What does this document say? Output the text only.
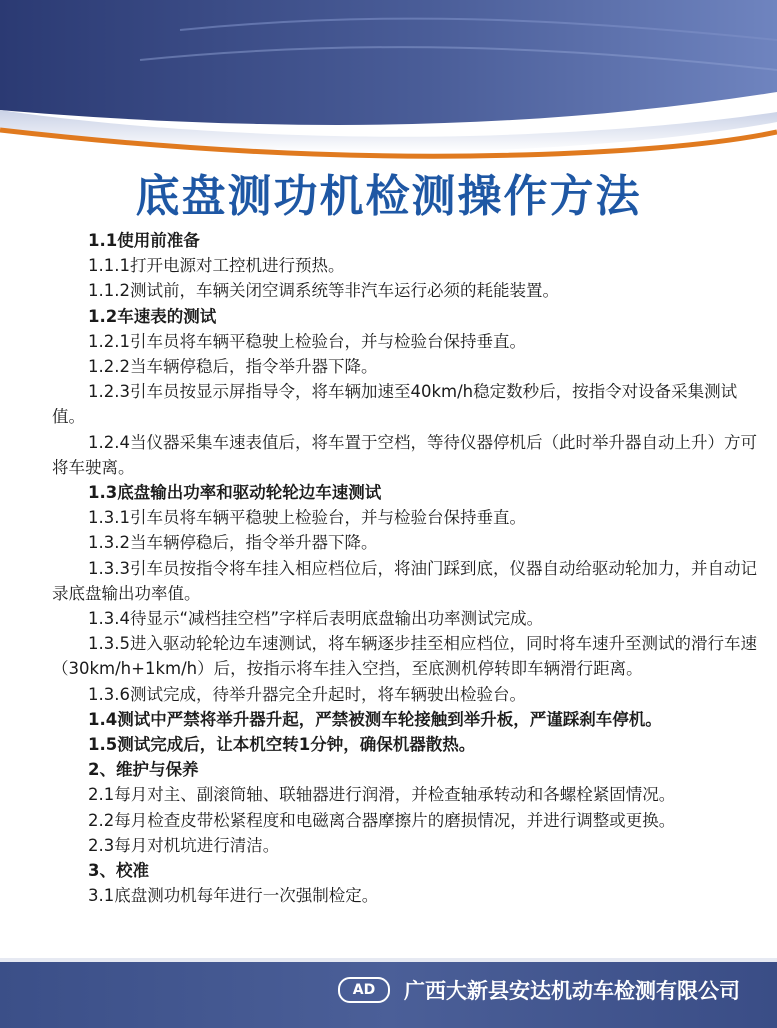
底盘测功机检测操作方法
1.1使用前准备
1.1.1打开电源对工控机进行预热。
1.1.2测试前，车辆关闭空调系统等非汽车运行必须的耗能装置。
1.2车速表的测试
1.2.1引车员将车辆平稳驶上检验台，并与检验台保持垂直。
1.2.2当车辆停稳后，指令举升器下降。
1.2.3引车员按显示屏指导令，将车辆加速至40km/h稳定数秒后，按指令对设备采集测试值。
1.2.4当仪器采集车速表值后，将车置于空档，等待仪器停机后（此时举升器自动上升）方可将车驶离。
1.3底盘输出功率和驱动轮轮边车速测试
1.3.1引车员将车辆平稳驶上检验台，并与检验台保持垂直。
1.3.2当车辆停稳后，指令举升器下降。
1.3.3引车员按指令将车挂入相应档位后，将油门踩到底，仪器自动给驱动轮加力，并自动记录底盘输出功率值。
1.3.4待显示“减档挂空档”字样后表明底盘输出功率测试完成。
1.3.5进入驱动轮轮边车速测试，将车辆逐步挂至相应档位，同时将车速升至测试的滑行车速（30km/h+1km/h）后，按指示将车挂入空挡，至底测机停转即车辆滑行距离。
1.3.6测试完成，待举升器完全升起时，将车辆驶出检验台。
1.4测试中严禁将举升器升起，严禁被测车轮接触到举升板，严谨踩刹车停机。
1.5测试完成后，让本机空转1分钟，确保机器散热。
2、维护与保养
2.1每月对主、副滚筒轴、联轴器进行润滑，并检查轴承转动和各螺栓紧固情况。
2.2每月检查皮带松紧程度和电磁离合器摩擦片的磨损情况，并进行调整或更换。
2.3每月对机坑进行清洁。
3、校准
3.1底盘测功机每年进行一次强制检定。
AD	广西大新县安达机动车检测有限公司
